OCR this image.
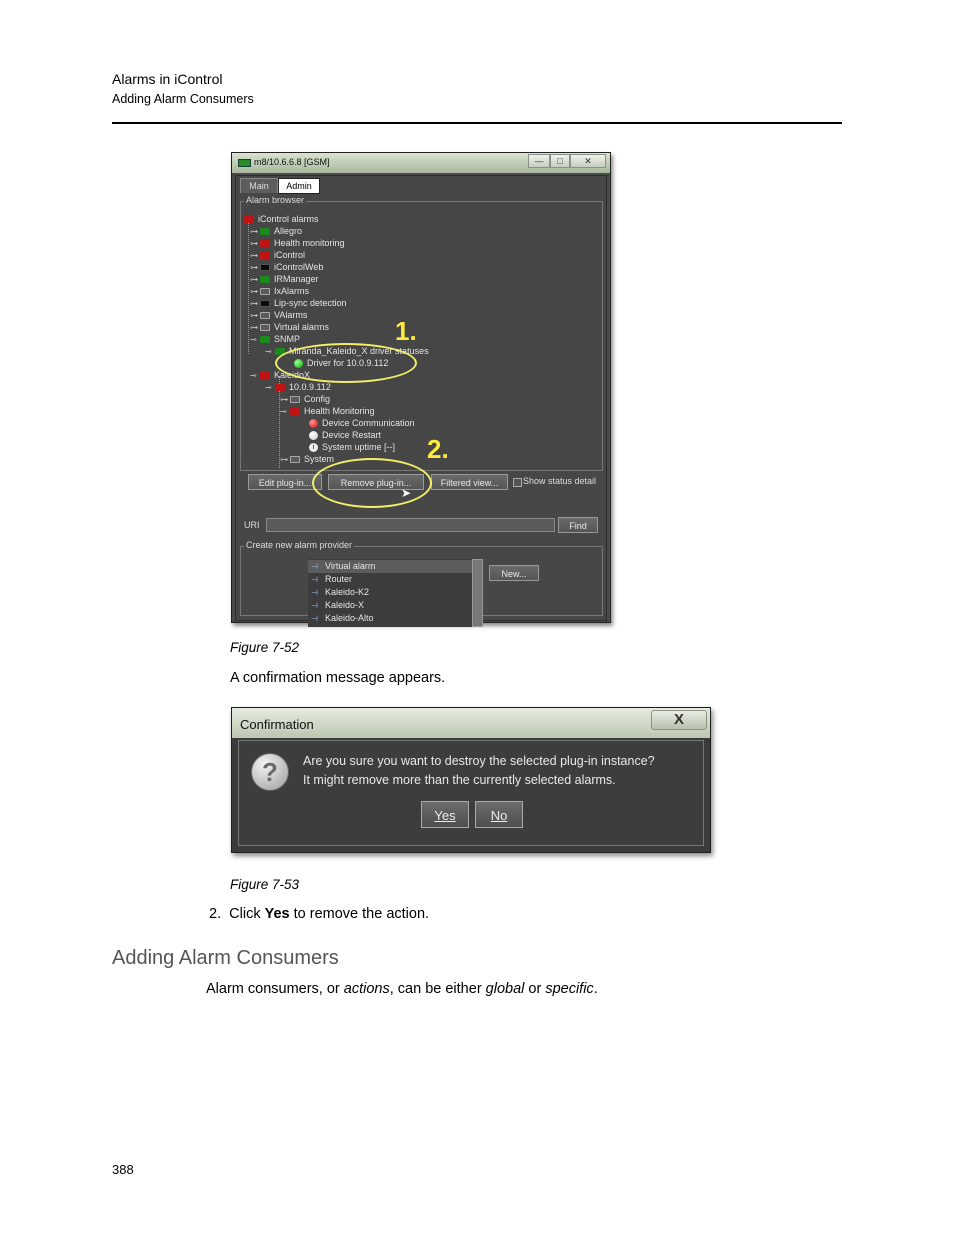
Alarms in iControl
Adding Alarm Consumers
m8/10.6.6.8 [GSM]	—	□	✕
Main	Admin
Alarm browser
iControl alarms
⊶ Allegro
⊶ Health monitoring
⊶ iControl
⊶ iControlWeb
⊶ IRManager
⊶ IxAlarms
⊶ Lip-sync detection
⊶ VAlarms
⊶ Virtual alarms
⊸ SNMP
⊸ Miranda_Kaleido_X driver statuses
Driver for 10.0.9.112
⊸ KaleidoX
⊸ 10.0.9.112
⊶ Config
⊸ Health Monitoring
Device Communication
Device Restart
i System uptime [--]
⊶ System
1.
Edit plug-in...	Remove plug-in...	Filtered view...	Show status detail
2.
➤
URI	Find
Create new alarm provider
⊣ Virtual alarm
⊣ Router
⊣ Kaleido-K2
⊣ Kaleido-X
⊣ Kaleido-Alto
New...
Figure 7-52
A confirmation message appears.
Confirmation	X
?	Are you sure you want to destroy the selected plug-in instance?
It might remove more than the currently selected alarms.
Yes	No
Figure 7-53
2. Click Yes to remove the action.
Adding Alarm Consumers
Alarm consumers, or actions, can be either global or specific.
388
